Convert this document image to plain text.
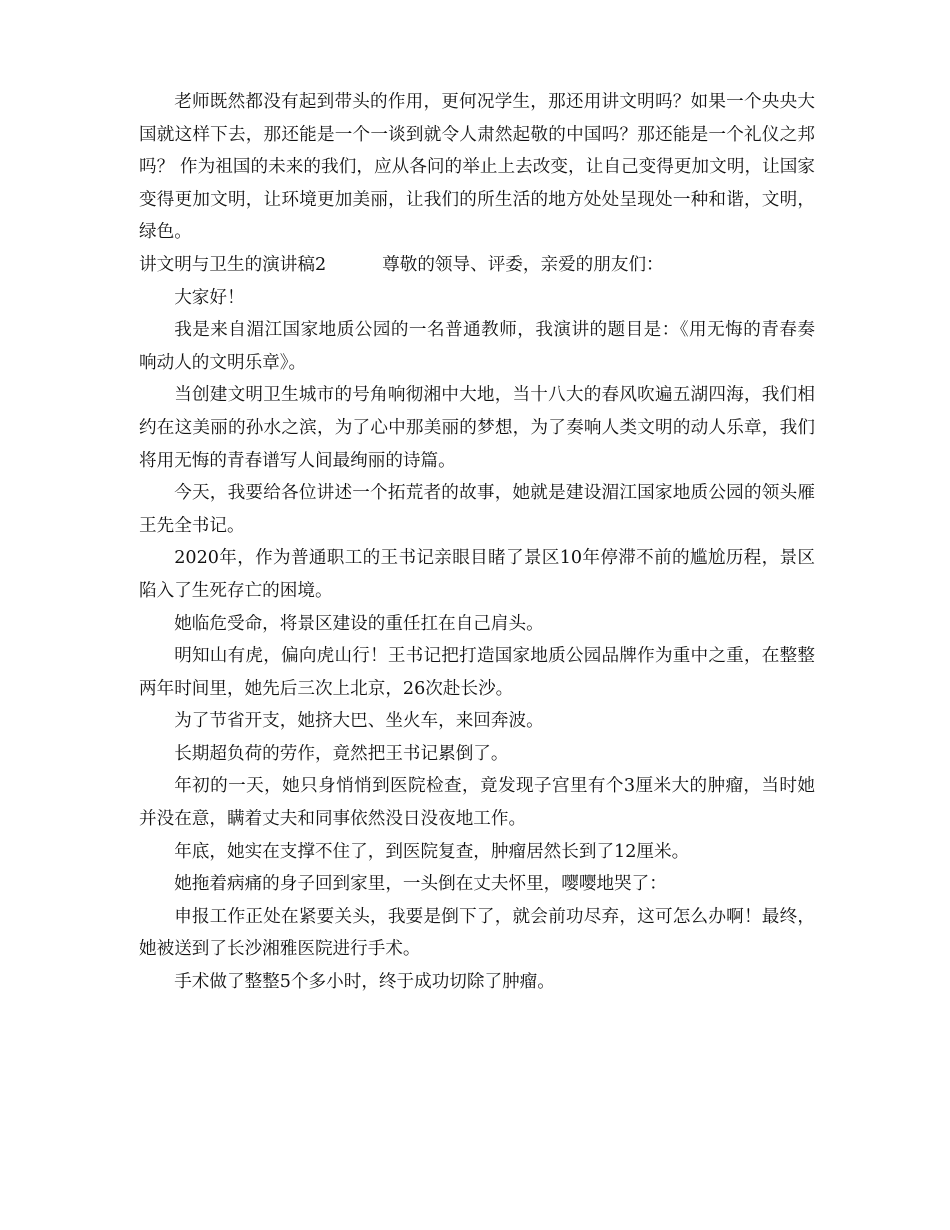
老师既然都没有起到带头的作用，更何况学生，那还用讲文明吗？如果一个央央大国就这样下去，那还能是一个一谈到就令人肃然起敬的中国吗？那还能是一个礼仪之邦吗？ 作为祖国的未来的我们，应从各问的举止上去改变，让自己变得更加文明，让国家变得更加文明，让环境更加美丽，让我们的所生活的地方处处呈现处一种和谐，文明，绿色。

讲文明与卫生的演讲稿2	尊敬的领导、评委，亲爱的朋友们：

大家好！

我是来自湄江国家地质公园的一名普通教师，我演讲的题目是：《用无悔的青春奏响动人的文明乐章》。

当创建文明卫生城市的号角响彻湘中大地，当十八大的春风吹遍五湖四海，我们相约在这美丽的孙水之滨，为了心中那美丽的梦想，为了奏响人类文明的动人乐章，我们将用无悔的青春谱写人间最绚丽的诗篇。

今天，我要给各位讲述一个拓荒者的故事，她就是建设湄江国家地质公园的领头雁王先全书记。

2020年，作为普通职工的王书记亲眼目睹了景区10年停滞不前的尴尬历程，景区陷入了生死存亡的困境。

她临危受命，将景区建设的重任扛在自己肩头。

明知山有虎，偏向虎山行！王书记把打造国家地质公园品牌作为重中之重，在整整两年时间里，她先后三次上北京，26次赴长沙。

为了节省开支，她挤大巴、坐火车，来回奔波。

长期超负荷的劳作，竟然把王书记累倒了。

年初的一天，她只身悄悄到医院检查，竟发现子宫里有个3厘米大的肿瘤，当时她并没在意，瞒着丈夫和同事依然没日没夜地工作。

年底，她实在支撑不住了，到医院复查，肿瘤居然长到了12厘米。

她拖着病痛的身子回到家里，一头倒在丈夫怀里，嘤嘤地哭了：

申报工作正处在紧要关头，我要是倒下了，就会前功尽弃，这可怎么办啊！最终，她被送到了长沙湘雅医院进行手术。

手术做了整整5个多小时，终于成功切除了肿瘤。
